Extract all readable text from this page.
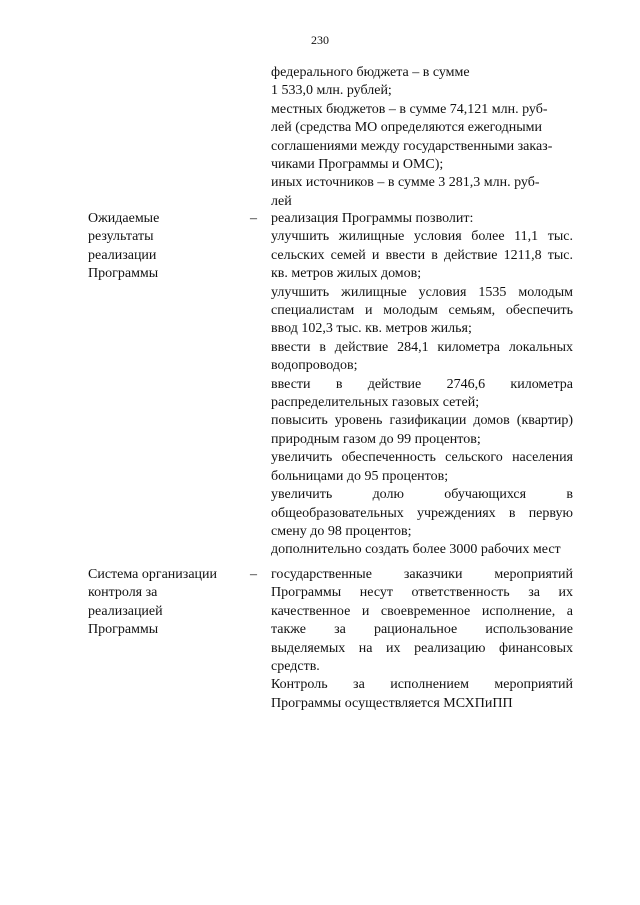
230
федерального бюджета – в сумме
1 533,0 млн. рублей;
местных бюджетов – в сумме 74,121 млн. руб-
лей (средства МО определяются ежегодными
соглашениями между государственными заказ-
чиками Программы и ОМС);
иных источников – в сумме 3 281,3 млн. руб-
лей
Ожидаемые
результаты
реализации
Программы
–	реализация Программы позволит:
улучшить жилищные условия более 11,1 тыс. сельских семей и ввести в действие 1211,8 тыс. кв. метров жилых домов;
улучшить жилищные условия 1535 молодым специалистам и молодым семьям, обеспечить ввод 102,3 тыс. кв. метров жилья;
ввести в действие 284,1 километра локальных водопроводов;
ввести в действие 2746,6 километра распределительных газовых сетей;
повысить уровень газификации домов (квартир) природным газом до 99 процентов;
увеличить обеспеченность сельского населения больницами до 95 процентов;
увеличить долю обучающихся в общеобразовательных учреждениях в первую смену до 98 процентов;
дополнительно создать более 3000 рабочих мест
Система организации
контроля за
реализацией
Программы
–	государственные заказчики мероприятий Программы несут ответственность за их качественное и своевременное исполнение, а также за рациональное использование выделяемых на их реализацию финансовых средств.
Контроль за исполнением мероприятий Программы осуществляется МСХПиПП
